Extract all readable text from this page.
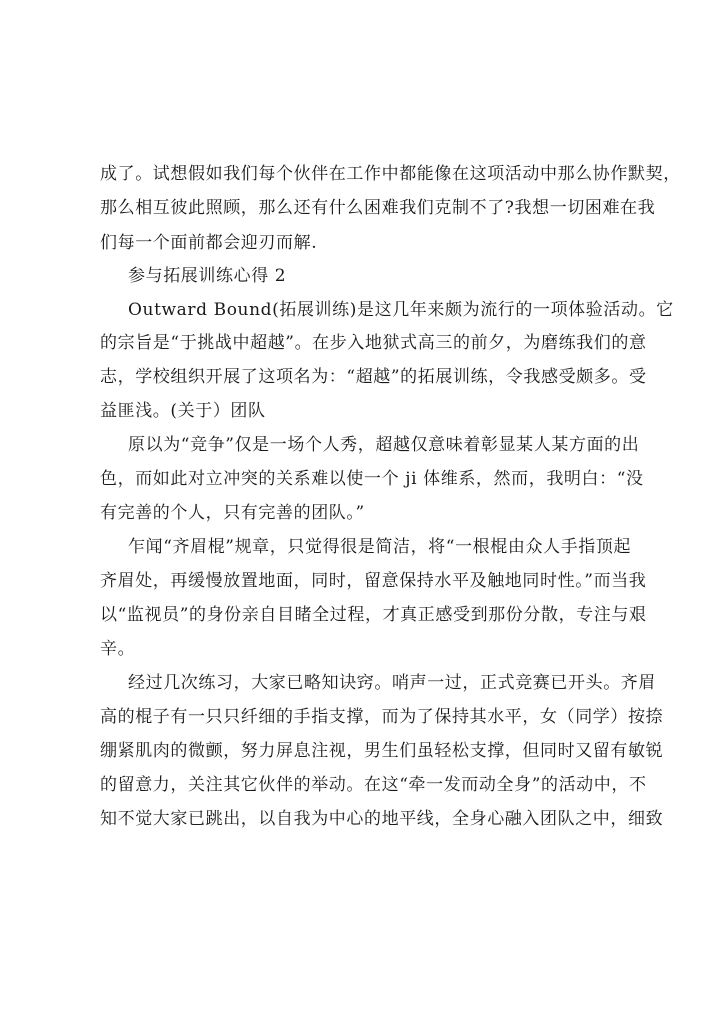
成了。试想假如我们每个伙伴在工作中都能像在这项活动中那么协作默契，
那么相互彼此照顾，那么还有什么困难我们克制不了?我想一切困难在我
们每一个面前都会迎刃而解.
参与拓展训练心得 2
Outward Bound(拓展训练)是这几年来颇为流行的一项体验活动。它
的宗旨是“于挑战中超越”。在步入地狱式高三的前夕，为磨练我们的意
志，学校组织开展了这项名为：“超越”的拓展训练，令我感受颇多。受
益匪浅。(关于）团队
原以为“竞争”仅是一场个人秀，超越仅意味着彰显某人某方面的出
色，而如此对立冲突的关系难以使一个 ji 体维系，然而，我明白：“没
有完善的个人，只有完善的团队。”
乍闻“齐眉棍”规章，只觉得很是简洁，将“一根棍由众人手指顶起
齐眉处，再缓慢放置地面，同时，留意保持水平及触地同时性。”而当我
以“监视员”的身份亲自目睹全过程，才真正感受到那份分散，专注与艰
辛。
经过几次练习，大家已略知诀窍。哨声一过，正式竞赛已开头。齐眉
高的棍子有一只只纤细的手指支撑，而为了保持其水平，女（同学）按捺
绷紧肌肉的微颤，努力屏息注视，男生们虽轻松支撑，但同时又留有敏锐
的留意力，关注其它伙伴的举动。在这“牵一发而动全身”的活动中，不
知不觉大家已跳出，以自我为中心的地平线，全身心融入团队之中，细致
